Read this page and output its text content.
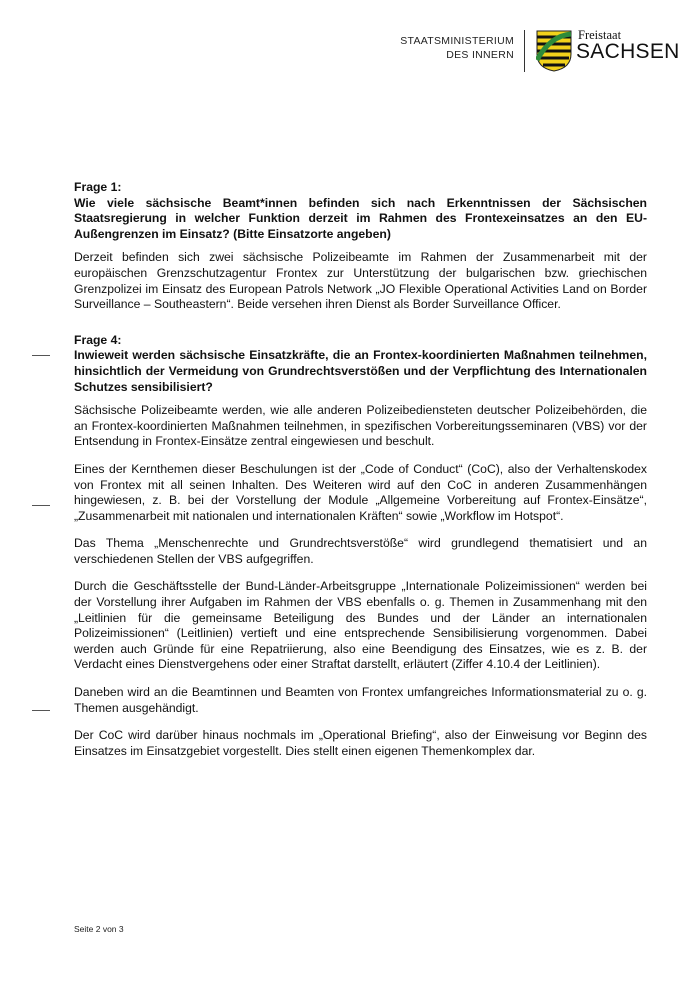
STAATSMINISTERIUM
DES INNERN
Freistaat
SACHSEN

Frage 1:

Wie viele sächsische Beamt*innen befinden sich nach Erkenntnissen der Sächsischen Staatsregierung in welcher Funktion derzeit im Rahmen des Frontexeinsatzes an den EU-Außengrenzen im Einsatz? (Bitte Einsatzorte angeben)

Derzeit befinden sich zwei sächsische Polizeibeamte im Rahmen der Zusammenarbeit mit der europäischen Grenzschutzagentur Frontex zur Unterstützung der bulgarischen bzw. griechischen Grenzpolizei im Einsatz des European Patrols Network „JO Flexible Operational Activities Land on Border Surveillance – Southeastern“. Beide versehen ihren Dienst als Border Surveillance Officer.

Frage 4:

Inwieweit werden sächsische Einsatzkräfte, die an Frontex-koordinierten Maßnahmen teilnehmen, hinsichtlich der Vermeidung von Grundrechtsverstößen und der Verpflichtung des Internationalen Schutzes sensibilisiert?

Sächsische Polizeibeamte werden, wie alle anderen Polizeibediensteten deutscher Polizeibehörden, die an Frontex-koordinierten Maßnahmen teilnehmen, in spezifischen Vorbereitungsseminaren (VBS) vor der Entsendung in Frontex-Einsätze zentral eingewiesen und beschult.

Eines der Kernthemen dieser Beschulungen ist der „Code of Conduct“ (CoC), also der Verhaltenskodex von Frontex mit all seinen Inhalten. Des Weiteren wird auf den CoC in anderen Zusammenhängen hingewiesen, z. B. bei der Vorstellung der Module „Allgemeine Vorbereitung auf Frontex-Einsätze“, „Zusammenarbeit mit nationalen und internationalen Kräften“ sowie „Workflow im Hotspot“.

Das Thema „Menschenrechte und Grundrechtsverstöße“ wird grundlegend thematisiert und an verschiedenen Stellen der VBS aufgegriffen.

Durch die Geschäftsstelle der Bund-Länder-Arbeitsgruppe „Internationale Polizeimissionen“ werden bei der Vorstellung ihrer Aufgaben im Rahmen der VBS ebenfalls o. g. Themen in Zusammenhang mit den „Leitlinien für die gemeinsame Beteiligung des Bundes und der Länder an internationalen Polizeimissionen“ (Leitlinien) vertieft und eine entsprechende Sensibilisierung vorgenommen. Dabei werden auch Gründe für eine Repatriierung, also eine Beendigung des Einsatzes, wie es z. B. der Verdacht eines Dienstvergehens oder einer Straftat darstellt, erläutert (Ziffer 4.10.4 der Leitlinien).

Daneben wird an die Beamtinnen und Beamten von Frontex umfangreiches Informationsmaterial zu o. g. Themen ausgehändigt.

Der CoC wird darüber hinaus nochmals im „Operational Briefing“, also der Einweisung vor Beginn des Einsatzes im Einsatzgebiet vorgestellt. Dies stellt einen eigenen Themenkomplex dar.

Seite 2 von 3
